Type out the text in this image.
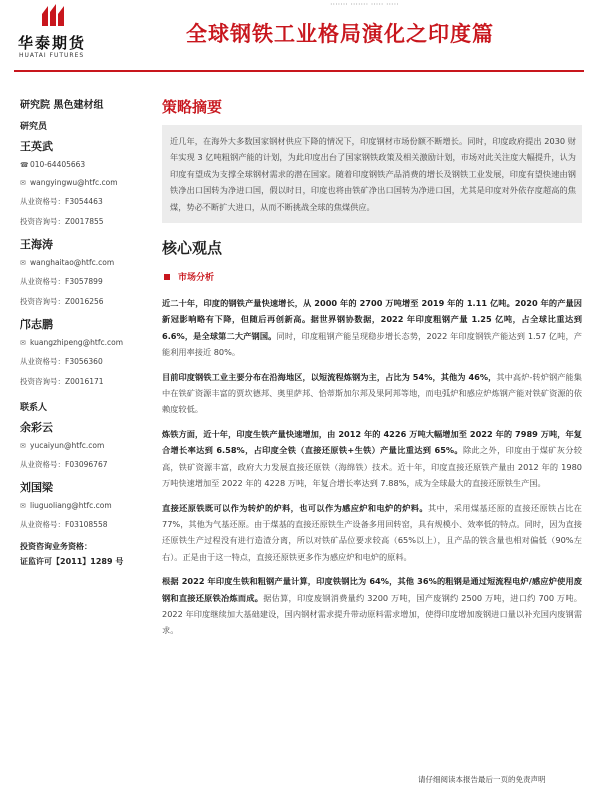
华泰期货
HUATAI FUTURES
······· ······· ····· ·····
全球钢铁工业格局演化之印度篇
研究院 黑色建材组
研究员
王英武
☎010-64405663
✉ wangyingwu@htfc.com
从业资格号：F3054463
投资咨询号：Z0017855
王海涛
✉ wanghaitao@htfc.com
从业资格号：F3057899
投资咨询号：Z0016256
邝志鹏
✉ kuangzhipeng@htfc.com
从业资格号：F3056360
投资咨询号：Z0016171
联系人
余彩云
✉ yucaiyun@htfc.com
从业资格号：F03096767
刘国梁
✉ liuguoliang@htfc.com
从业资格号：F03108558
投资咨询业务资格：
证监许可【2011】1289 号
策略摘要
近几年，在海外大多数国家钢材供应下降的情况下，印度钢材市场份额不断增长。同时，印度政府提出 2030 财年实现 3 亿吨粗钢产能的计划，为此印度出台了国家钢铁政策及相关激励计划，市场对此关注度大幅提升，认为印度有望成为支撑全球钢材需求的潜在国家。随着印度钢铁产品消费的增长及钢铁工业发展，印度有望快速由钢铁净出口国转为净进口国，假以时日，印度也将由铁矿净出口国转为净进口国，尤其是印度对外依存度超高的焦煤，势必不断扩大进口，从而不断挑战全球的焦煤供应。
核心观点
市场分析
近二十年，印度的钢铁产量快速增长，从 2000 年的 2700 万吨增至 2019 年的 1.11 亿吨。2020 年的产量因新冠影响略有下降，但随后再创新高。据世界钢协数据，2022 年印度粗钢产量 1.25 亿吨，占全球比重达到 6.6%，是全球第二大产钢国。同时，印度粗钢产能呈现稳步增长态势，2022 年印度钢铁产能达到 1.57 亿吨，产能利用率接近 80%。
目前印度钢铁工业主要分布在沿海地区，以短流程炼钢为主，占比为 54%，其他为 46%，其中高炉-转炉钢产能集中在铁矿资源丰富的贾坎德邦、奥里萨邦、恰蒂斯加尔邦及果阿邦等地，而电弧炉和感应炉炼钢产能对铁矿资源的依赖度较低。
炼铁方面，近十年，印度生铁产量快速增加，由 2012 年的 4226 万吨大幅增加至 2022 年的 7989 万吨，年复合增长率达到 6.58%，占印度全铁（直接还原铁+生铁）产量比重达到 65%。除此之外，印度由于煤矿灰分较高，铁矿资源丰富，政府大力发展直接还原铁（海绵铁）技术。近十年，印度直接还原铁产量由 2012 年的 1980 万吨快速增加至 2022 年的 4228 万吨，年复合增长率达到 7.88%，成为全球最大的直接还原铁生产国。
直接还原铁既可以作为转炉的炉料，也可以作为感应炉和电炉的炉料。其中，采用煤基还原的直接还原铁占比在 77%，其他为气基还原。由于煤基的直接还原铁生产设备多用回转窑，具有规模小、效率低的特点。同时，因为直接还原铁生产过程没有进行造渣分离，所以对铁矿品位要求较高（65%以上），且产品的铁含量也相对偏低（90%左右）。正是由于这一特点，直接还原铁更多作为感应炉和电炉的原料。
根据 2022 年印度生铁和粗钢产量计算，印度铁钢比为 64%，其他 36%的粗钢是通过短流程电炉/感应炉使用废钢和直接还原铁冶炼而成。据估算，印度废钢消费量约 3200 万吨，国产废钢约 2500 万吨，进口约 700 万吨。2022 年印度继续加大基础建设，国内钢材需求提升带动原料需求增加，使得印度增加废钢进口量以补充国内废钢需求。
请仔细阅读本报告最后一页的免责声明
